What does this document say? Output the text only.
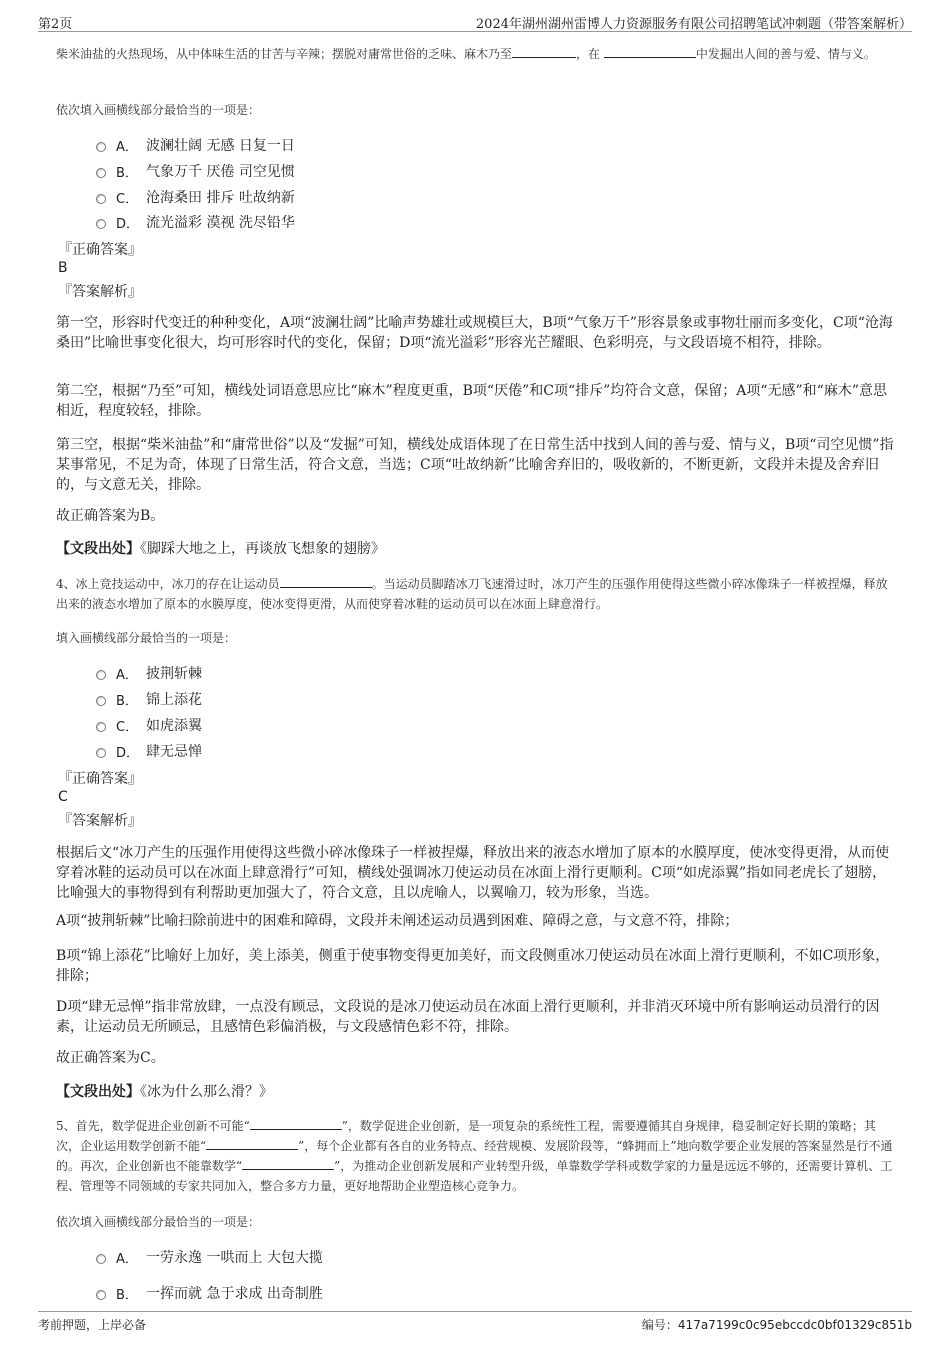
第2页	2024年湖州湖州雷博人力资源服务有限公司招聘笔试冲刺题（带答案解析）
柴米油盐的火热现场，从中体味生活的甘苦与辛辣；摆脱对庸常世俗的乏味、麻木乃至	，在	中发掘出人间的善与爱、情与义。
依次填入画横线部分最恰当的一项是：
A． 波澜壮阔 无感 日复一日
B． 气象万千 厌倦 司空见惯
C． 沧海桑田 排斥 吐故纳新
D． 流光溢彩 漠视 洗尽铅华
『正确答案』
B
『答案解析』
第一空，形容时代变迁的种种变化，A项“波澜壮阔”比喻声势雄壮或规模巨大，B项“气象万千”形容景象或事物壮丽而多变化，C项“沧海桑田”比喻世事变化很大，均可形容时代的变化，保留；D项“流光溢彩”形容光芒耀眼、色彩明亮，与文段语境不相符，排除。
第二空，根据“乃至”可知，横线处词语意思应比“麻木”程度更重，B项“厌倦”和C项“排斥”均符合文意，保留；A项“无感”和“麻木”意思相近，程度较轻，排除。
第三空，根据“柴米油盐”和“庸常世俗”以及“发掘”可知，横线处成语体现了在日常生活中找到人间的善与爱、情与义，B项“司空见惯”指某事常见，不足为奇，体现了日常生活，符合文意，当选；C项“吐故纳新”比喻舍弃旧的，吸收新的，不断更新，文段并未提及舍弃旧的，与文意无关，排除。
故正确答案为B。
【文段出处】《脚踩大地之上，再谈放飞想象的翅膀》
4、冰上竞技运动中，冰刀的存在让运动员	。当运动员脚踏冰刀飞速滑过时，冰刀产生的压强作用使得这些微小碎冰像珠子一样被捏爆，释放出来的液态水增加了原本的水膜厚度，使冰变得更滑，从而使穿着冰鞋的运动员可以在冰面上肆意滑行。
填入画横线部分最恰当的一项是：
A． 披荆斩棘
B． 锦上添花
C． 如虎添翼
D． 肆无忌惮
『正确答案』
C
『答案解析』
根据后文“冰刀产生的压强作用使得这些微小碎冰像珠子一样被捏爆，释放出来的液态水增加了原本的水膜厚度，使冰变得更滑，从而使穿着冰鞋的运动员可以在冰面上肆意滑行”可知，横线处强调冰刀使运动员在冰面上滑行更顺利。C项“如虎添翼”指如同老虎长了翅膀，比喻强大的事物得到有利帮助更加强大了，符合文意，且以虎喻人，以翼喻刀，较为形象，当选。
A项“披荆斩棘”比喻扫除前进中的困难和障碍，文段并未阐述运动员遇到困难、障碍之意，与文意不符，排除；
B项“锦上添花”比喻好上加好，美上添美，侧重于使事物变得更加美好，而文段侧重冰刀使运动员在冰面上滑行更顺利，不如C项形象，排除；
D项“肆无忌惮”指非常放肆，一点没有顾忌，文段说的是冰刀使运动员在冰面上滑行更顺利，并非消灭环境中所有影响运动员滑行的因素，让运动员无所顾忌，且感情色彩偏消极，与文段感情色彩不符，排除。
故正确答案为C。
【文段出处】《冰为什么那么滑？》
5、首先，数学促进企业创新不可能“	”，数学促进企业创新，是一项复杂的系统性工程，需要遵循其自身规律，稳妥制定好长期的策略；其次，企业运用数学创新不能“	”，每个企业都有各自的业务特点、经营规模、发展阶段等，“蜂拥而上”地向数学要企业发展的答案显然是行不通的。再次，企业创新也不能靠数学“	”，为推动企业创新发展和产业转型升级，单靠数学学科或数学家的力量是远远不够的，还需要计算机、工程、管理等不同领域的专家共同加入，整合多方力量，更好地帮助企业塑造核心竞争力。
依次填入画横线部分最恰当的一项是：
A． 一劳永逸 一哄而上 大包大揽
B． 一挥而就 急于求成 出奇制胜
考前押题，上岸必备	编号：417a7199c0c95ebccdc0bf01329c851b
